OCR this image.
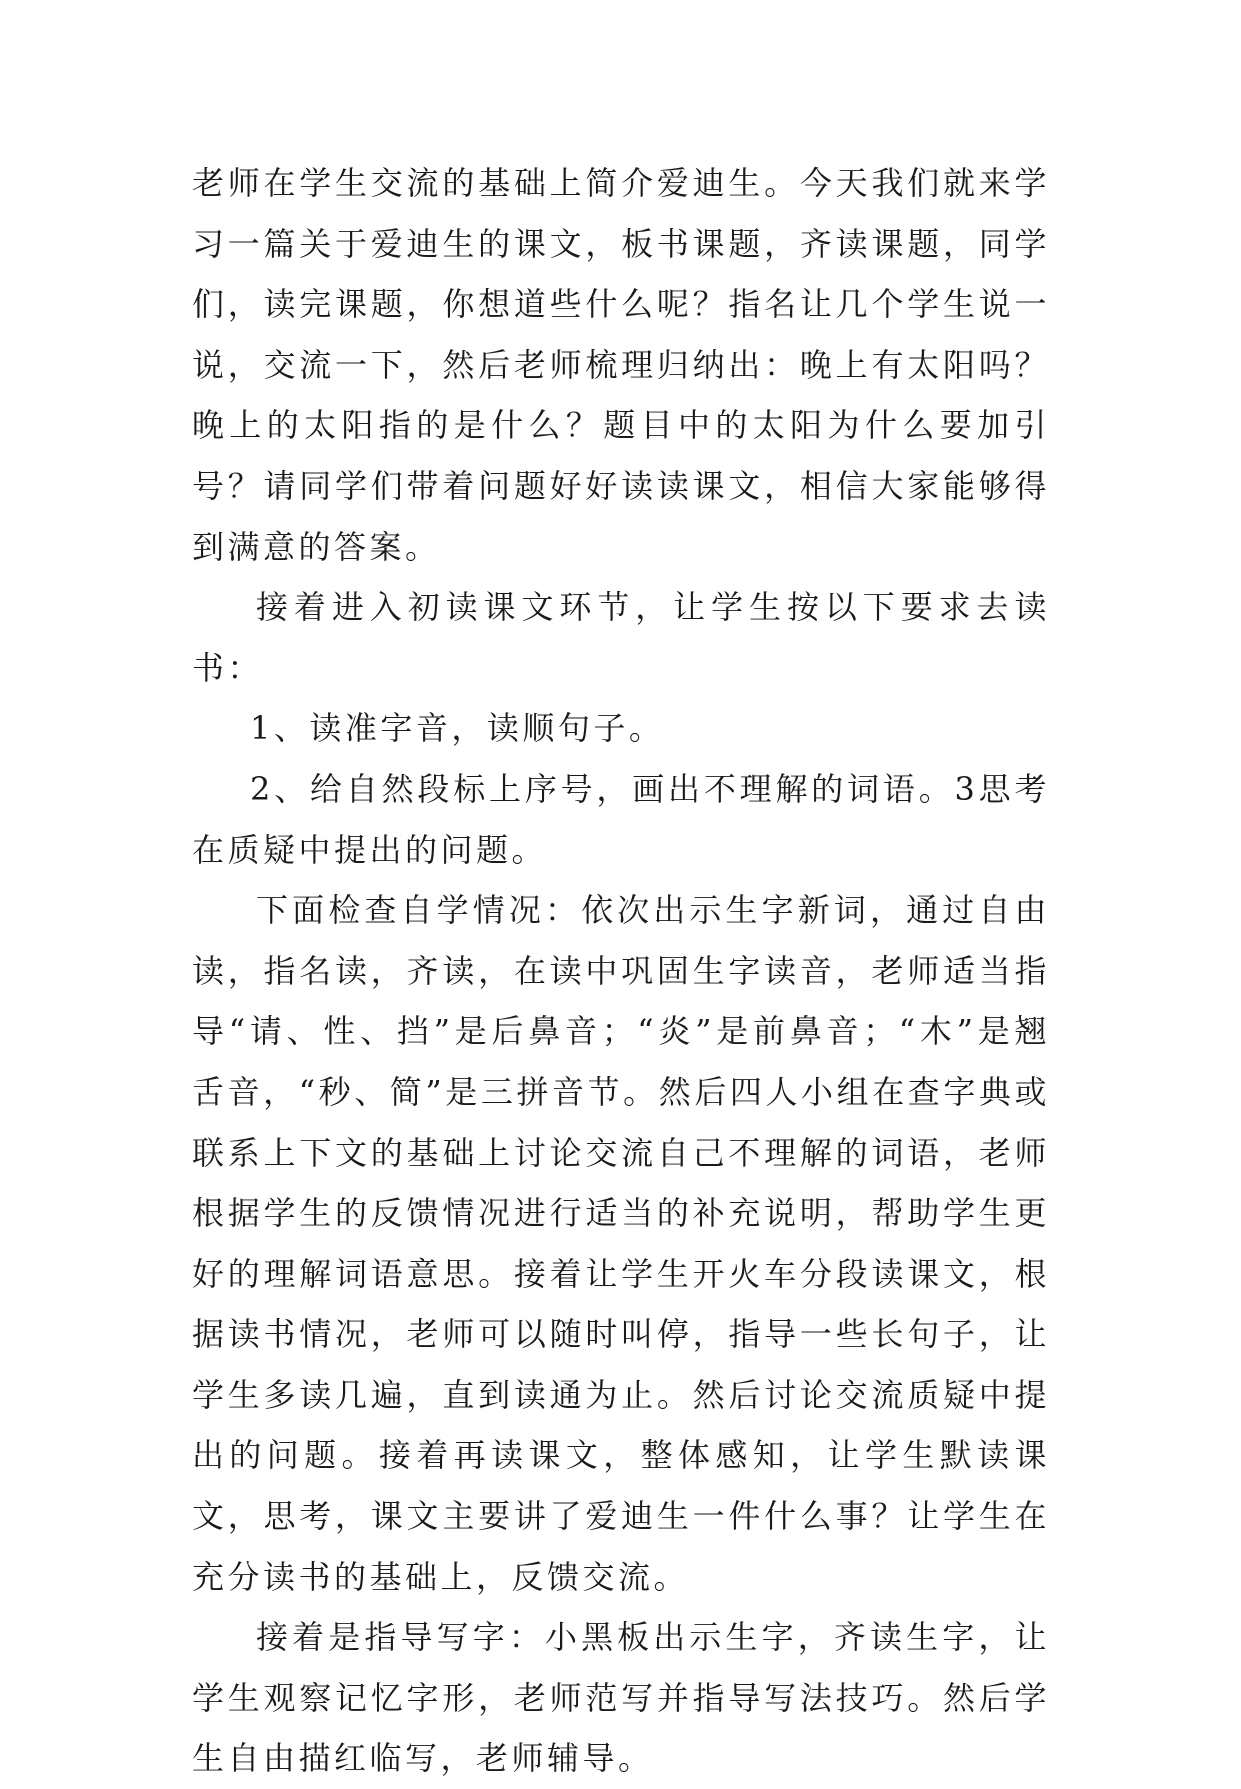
老师在学生交流的基础上简介爱迪生。今天我们就来学习一篇关于爱迪生的课文，板书课题，齐读课题，同学们，读完课题，你想道些什么呢？指名让几个学生说一说，交流一下，然后老师梳理归纳出：晚上有太阳吗？晚上的太阳指的是什么？题目中的太阳为什么要加引号？请同学们带着问题好好读读课文，相信大家能够得到满意的答案。

接着进入初读课文环节，让学生按以下要求去读书：

1、读准字音，读顺句子。

2、给自然段标上序号，画出不理解的词语。3思考在质疑中提出的问题。

下面检查自学情况：依次出示生字新词，通过自由读，指名读，齐读，在读中巩固生字读音，老师适当指导“请、性、挡”是后鼻音；“炎”是前鼻音；“木”是翘舌音，“秒、简”是三拼音节。然后四人小组在查字典或联系上下文的基础上讨论交流自己不理解的词语，老师根据学生的反馈情况进行适当的补充说明，帮助学生更好的理解词语意思。接着让学生开火车分段读课文，根据读书情况，老师可以随时叫停，指导一些长句子，让学生多读几遍，直到读通为止。然后讨论交流质疑中提出的问题。接着再读课文，整体感知，让学生默读课文，思考，课文主要讲了爱迪生一件什么事？让学生在充分读书的基础上，反馈交流。

接着是指导写字：小黑板出示生字，齐读生字，让学生观察记忆字形，老师范写并指导写法技巧。然后学生自由描红临写，老师辅导。
